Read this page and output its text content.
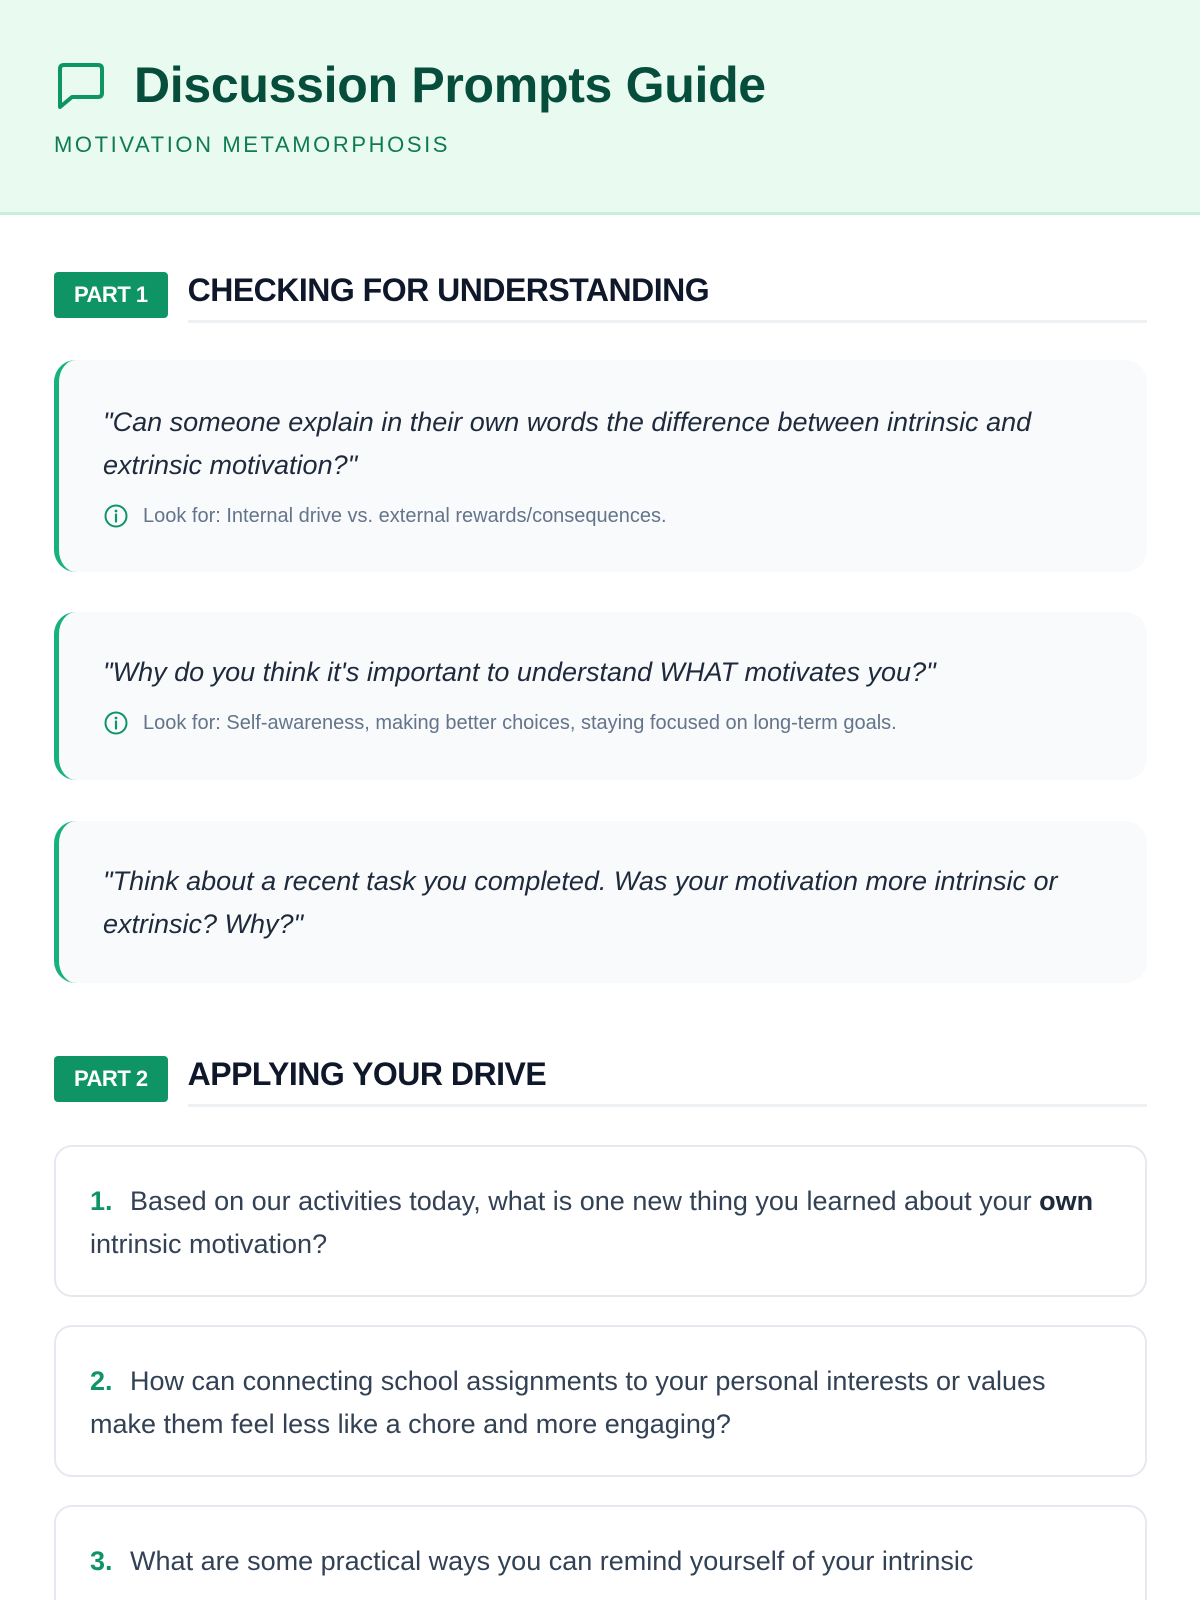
Discussion Prompts Guide
MOTIVATION METAMORPHOSIS
PART 1	CHECKING FOR UNDERSTANDING
"Can someone explain in their own words the difference between intrinsic and extrinsic motivation?"
Look for: Internal drive vs. external rewards/consequences.
"Why do you think it's important to understand WHAT motivates you?"
Look for: Self-awareness, making better choices, staying focused on long-term goals.
"Think about a recent task you completed. Was your motivation more intrinsic or extrinsic? Why?"
PART 2	APPLYING YOUR DRIVE
1. Based on our activities today, what is one new thing you learned about your own intrinsic motivation?
2. How can connecting school assignments to your personal interests or values make them feel less like a chore and more engaging?
3. What are some practical ways you can remind yourself of your intrinsic
